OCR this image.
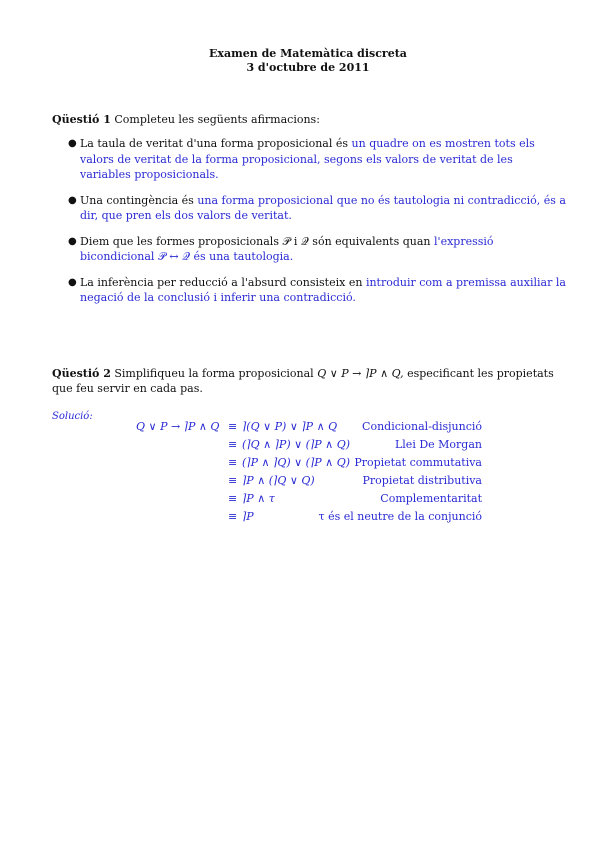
Examen de Matemàtica discreta
3 d'octubre de 2011
Qüestió 1 Completeu les següents afirmacions:
● La taula de veritat d'una forma proposicional és un quadre on es mostren tots els valors de veritat de la forma proposicional, segons els valors de veritat de les variables proposicionals.
● Una contingència és una forma proposicional que no és tautologia ni contradicció, és a dir, que pren els dos valors de veritat.
● Diem que les formes proposicionals 𝒫 i 𝒬 són equivalents quan l'expressió bicondicional 𝒫 ↔ 𝒬 és una tautologia.
● La inferència per reducció a l'absurd consisteix en introduir com a premissa auxiliar la negació de la conclusió i inferir una contradicció.
Qüestió 2 Simplifiqueu la forma proposicional Q ∨ P → ⌉P ∧ Q, especificant les propietats que feu servir en cada pas.
Solució:
Q ∨ P → ⌉P ∧ Q ≡ ⌉(Q ∨ P) ∨ ⌉P ∧ Q Condicional-disjunció
≡ (⌉Q ∧ ⌉P) ∨ (⌉P ∧ Q)	Llei De Morgan
≡ (⌉P ∧ ⌉Q) ∨ (⌉P ∧ Q) Propietat commutativa
≡ ⌉P ∧ (⌉Q ∨ Q)	Propietat distributiva
≡ ⌉P ∧ τ	Complementaritat
≡ ⌉P	τ és el neutre de la conjunció
